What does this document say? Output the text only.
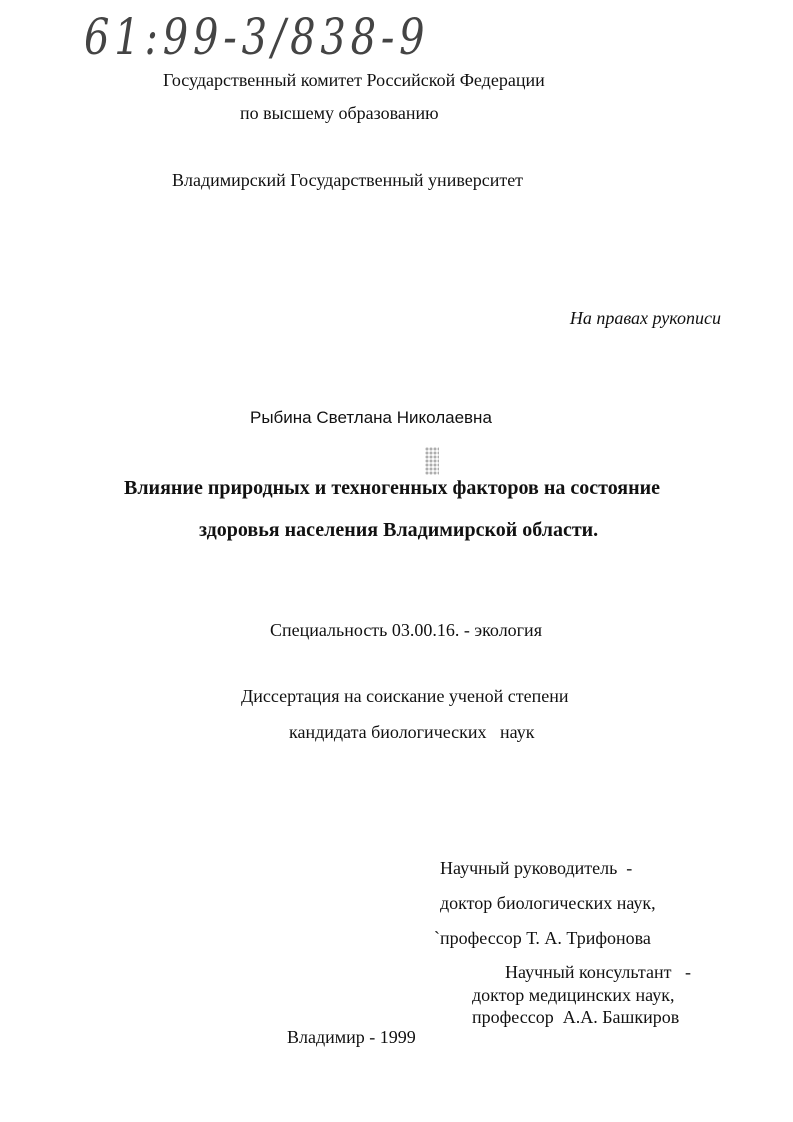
61:99-3/838-9
Государственный комитет Российской Федерации
по высшему образованию
Владимирский Государственный университет
На правах рукописи
Рыбина Светлана Николаевна
Влияние природных и техногенных факторов на состояние
здоровья населения Владимирской области.
Специальность 03.00.16. - экология
Диссертация на соискание ученой степени
кандидата биологических   наук
Научный руководитель  -
доктор биологических наук,
`профессор Т. А. Трифонова
Научный консультант   -
доктор медицинских наук,
профессор  А.А. Башкиров
Владимир - 1999
